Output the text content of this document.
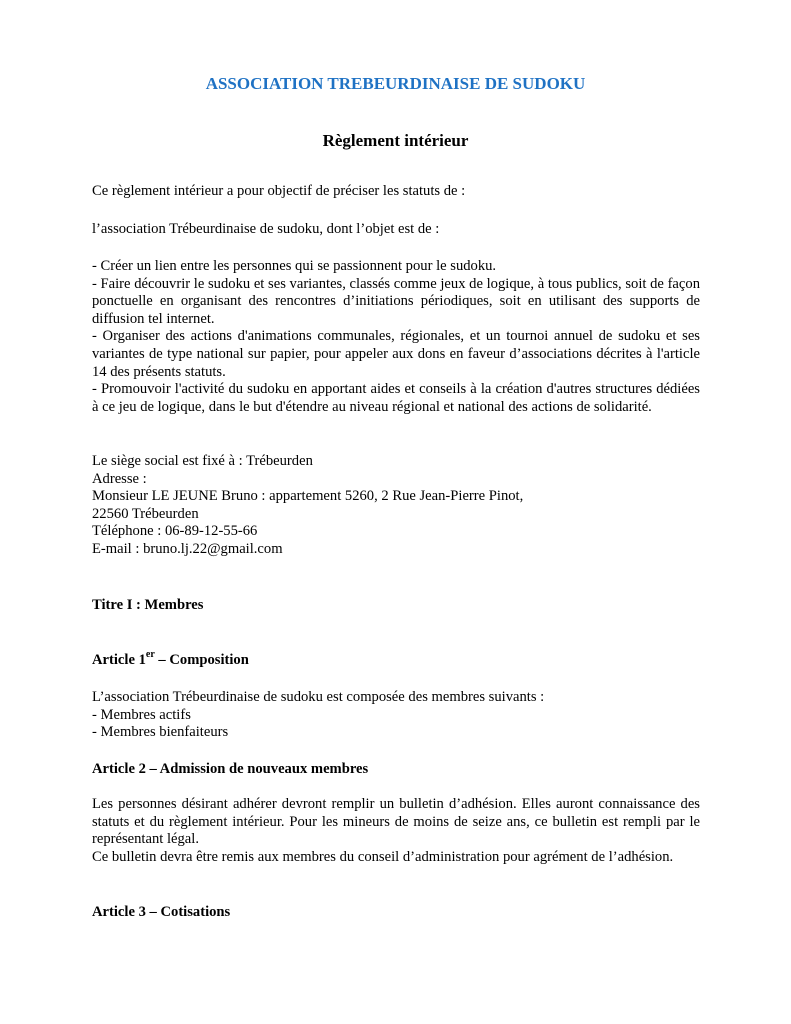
ASSOCIATION TREBEURDINAISE DE SUDOKU
Règlement intérieur
Ce règlement intérieur a pour objectif de préciser les statuts de :
l’association Trébeurdinaise de sudoku, dont l’objet est de :
- Créer un lien entre les personnes qui se passionnent pour le sudoku.
- Faire découvrir le sudoku et ses variantes, classés comme jeux de logique, à tous publics, soit de façon ponctuelle en organisant des rencontres d’initiations périodiques, soit en utilisant des supports de diffusion tel internet.
- Organiser des actions d'animations communales, régionales, et un tournoi annuel de sudoku et ses variantes de type national sur papier, pour appeler aux dons en faveur d’associations décrites à l'article 14 des présents statuts.
- Promouvoir l'activité du sudoku en apportant aides et conseils à la création d'autres structures dédiées à ce jeu de logique, dans le but d'étendre au niveau régional et national des actions de solidarité.
Le siège social est fixé à : Trébeurden
Adresse :
Monsieur LE JEUNE Bruno : appartement 5260, 2 Rue Jean-Pierre Pinot,
22560 Trébeurden
Téléphone : 06-89-12-55-66
E-mail : bruno.lj.22@gmail.com
Titre I : Membres
Article 1er – Composition
L’association Trébeurdinaise de sudoku est composée des membres suivants :
- Membres actifs
- Membres bienfaiteurs
Article 2 – Admission de nouveaux membres
Les personnes désirant adhérer devront remplir un bulletin d’adhésion. Elles auront connaissance des statuts et du règlement intérieur. Pour les mineurs de moins de seize ans, ce bulletin est rempli par le représentant légal.
Ce bulletin devra être remis aux membres du conseil d’administration pour agrément de l’adhésion.
Article 3 – Cotisations
